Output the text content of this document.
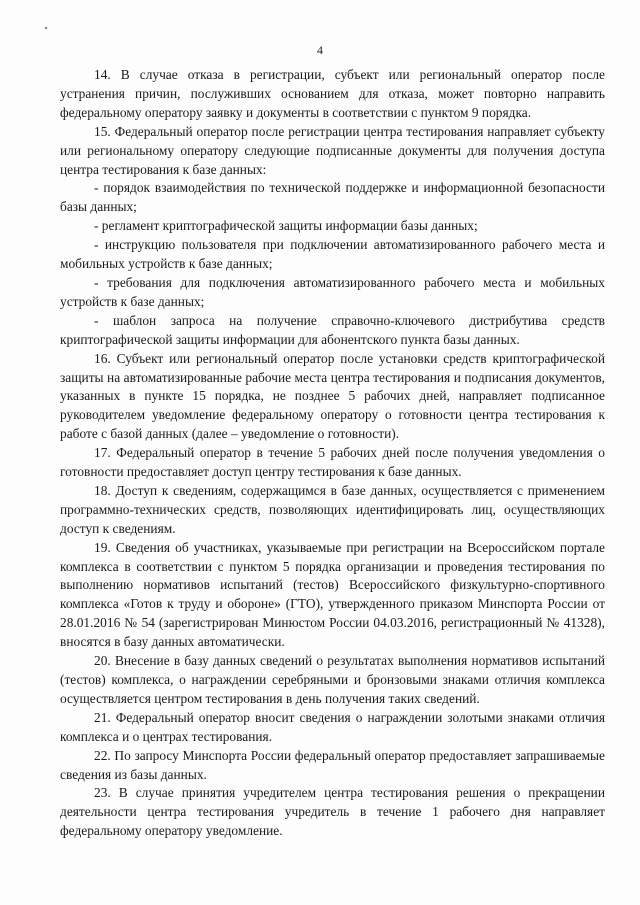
4

14. В случае отказа в регистрации, субъект или региональный оператор после устранения причин, послуживших основанием для отказа, может повторно направить федеральному оператору заявку и документы в соответствии с пунктом 9 порядка.

15. Федеральный оператор после регистрации центра тестирования направляет субъекту или региональному оператору следующие подписанные документы для получения доступа центра тестирования к базе данных:

- порядок взаимодействия по технической поддержке и информационной безопасности базы данных;

- регламент криптографической защиты информации базы данных;

- инструкцию пользователя при подключении автоматизированного рабочего места и мобильных устройств к базе данных;

- требования для подключения автоматизированного рабочего места и мобильных устройств к базе данных;

- шаблон запроса на получение справочно-ключевого дистрибутива средств криптографической защиты информации для абонентского пункта базы данных.

16. Субъект или региональный оператор после установки средств криптографической защиты на автоматизированные рабочие места центра тестирования и подписания документов, указанных в пункте 15 порядка, не позднее 5 рабочих дней, направляет подписанное руководителем уведомление федеральному оператору о готовности центра тестирования к работе с базой данных (далее – уведомление о готовности).

17. Федеральный оператор в течение 5 рабочих дней после получения уведомления о готовности предоставляет доступ центру тестирования к базе данных.

18. Доступ к сведениям, содержащимся в базе данных, осуществляется с применением программно-технических средств, позволяющих идентифицировать лиц, осуществляющих доступ к сведениям.

19. Сведения об участниках, указываемые при регистрации на Всероссийском портале комплекса в соответствии с пунктом 5 порядка организации и проведения тестирования по выполнению нормативов испытаний (тестов) Всероссийского физкультурно-спортивного комплекса «Готов к труду и обороне» (ГТО), утвержденного приказом Минспорта России от 28.01.2016 № 54 (зарегистрирован Минюстом России 04.03.2016, регистрационный № 41328), вносятся в базу данных автоматически.

20. Внесение в базу данных сведений о результатах выполнения нормативов испытаний (тестов) комплекса, о награждении серебряными и бронзовыми знаками отличия комплекса осуществляется центром тестирования в день получения таких сведений.

21. Федеральный оператор вносит сведения о награждении золотыми знаками отличия комплекса и о центрах тестирования.

22. По запросу Минспорта России федеральный оператор предоставляет запрашиваемые сведения из базы данных.

23. В случае принятия учредителем центра тестирования решения о прекращении деятельности центра тестирования учредитель в течение 1 рабочего дня направляет федеральному оператору уведомление.
